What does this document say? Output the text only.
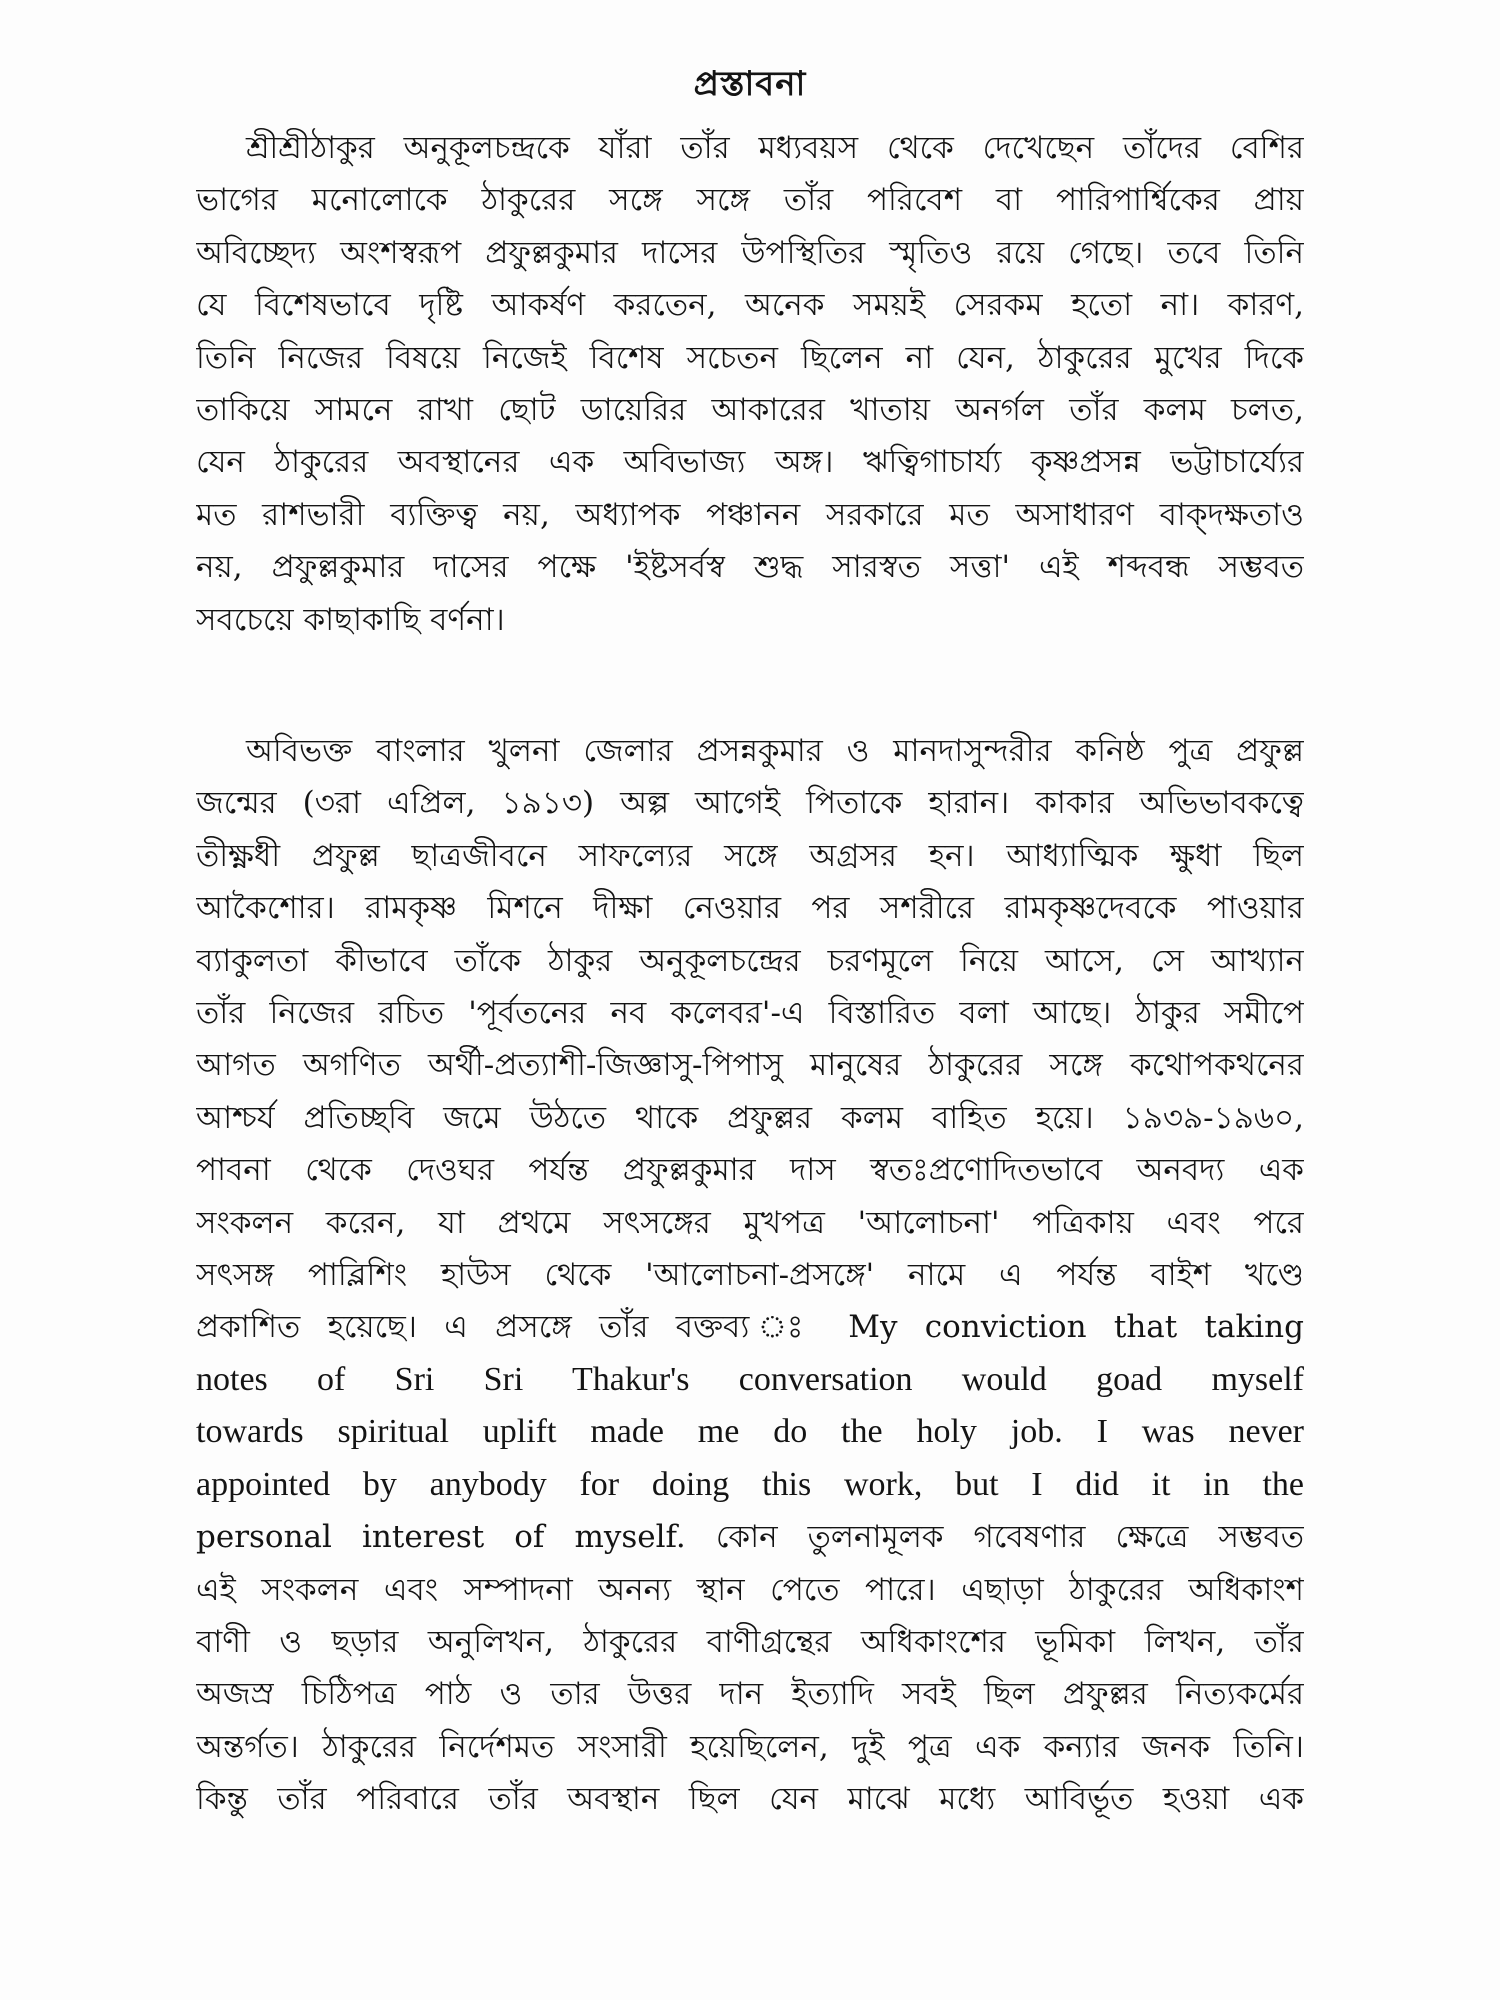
প্রস্তাবনা
শ্রীশ্রীঠাকুর অনুকূলচন্দ্রকে যাঁরা তাঁর মধ্যবয়স থেকে দেখেছেন তাঁদের বেশির
ভাগের মনোলোকে ঠাকুরের সঙ্গে সঙ্গে তাঁর পরিবেশ বা পারিপার্শ্বিকের প্রায়
অবিচ্ছেদ্য অংশস্বরূপ প্রফুল্লকুমার দাসের উপস্থিতির স্মৃতিও রয়ে গেছে। তবে তিনি
যে বিশেষভাবে দৃষ্টি আকর্ষণ করতেন, অনেক সময়ই সেরকম হতো না। কারণ,
তিনি নিজের বিষয়ে নিজেই বিশেষ সচেতন ছিলেন না যেন, ঠাকুরের মুখের দিকে
তাকিয়ে সামনে রাখা ছোট ডায়েরির আকারের খাতায় অনর্গল তাঁর কলম চলত,
যেন ঠাকুরের অবস্থানের এক অবিভাজ্য অঙ্গ। ঋত্বিগাচার্য্য কৃষ্ণপ্রসন্ন ভট্টাচার্য্যের
মত রাশভারী ব্যক্তিত্ব নয়, অধ্যাপক পঞ্চানন সরকারে মত অসাধারণ বাক্দক্ষতাও
নয়, প্রফুল্লকুমার দাসের পক্ষে 'ইষ্টসর্বস্ব শুদ্ধ সারস্বত সত্তা' এই শব্দবন্ধ সম্ভবত
সবচেয়ে কাছাকাছি বর্ণনা।
অবিভক্ত বাংলার খুলনা জেলার প্রসন্নকুমার ও মানদাসুন্দরীর কনিষ্ঠ পুত্র প্রফুল্ল
জন্মের (৩রা এপ্রিল, ১৯১৩) অল্প আগেই পিতাকে হারান। কাকার অভিভাবকত্বে
তীক্ষ্ণধী প্রফুল্ল ছাত্রজীবনে সাফল্যের সঙ্গে অগ্রসর হন। আধ্যাত্মিক ক্ষুধা ছিল
আকৈশোর। রামকৃষ্ণ মিশনে দীক্ষা নেওয়ার পর সশরীরে রামকৃষ্ণদেবকে পাওয়ার
ব্যাকুলতা কীভাবে তাঁকে ঠাকুর অনুকূলচন্দ্রের চরণমূলে নিয়ে আসে, সে আখ্যান
তাঁর নিজের রচিত 'পূর্বতনের নব কলেবর'-এ বিস্তারিত বলা আছে। ঠাকুর সমীপে
আগত অগণিত অর্থী-প্রত্যাশী-জিজ্ঞাসু-পিপাসু মানুষের ঠাকুরের সঙ্গে কথোপকথনের
আশ্চর্য প্রতিচ্ছবি জমে উঠতে থাকে প্রফুল্লর কলম বাহিত হয়ে। ১৯৩৯-১৯৬০,
পাবনা থেকে দেওঘর পর্যন্ত প্রফুল্লকুমার দাস স্বতঃপ্রণোদিতভাবে অনবদ্য এক
সংকলন করেন, যা প্রথমে সৎসঙ্গের মুখপত্র 'আলোচনা' পত্রিকায় এবং পরে
সৎসঙ্গ পাব্লিশিং হাউস থেকে 'আলোচনা-প্রসঙ্গে' নামে এ পর্যন্ত বাইশ খণ্ডে
প্রকাশিত হয়েছে। এ প্রসঙ্গে তাঁর বক্তব্য ঃ My conviction that taking
notes of Sri Sri Thakur's conversation would goad myself
towards spiritual uplift made me do the holy job. I was never
appointed by anybody for doing this work, but I did it in the
personal interest of myself. কোন তুলনামূলক গবেষণার ক্ষেত্রে সম্ভবত
এই সংকলন এবং সম্পাদনা অনন্য স্থান পেতে পারে। এছাড়া ঠাকুরের অধিকাংশ
বাণী ও ছড়ার অনুলিখন, ঠাকুরের বাণীগ্রন্থের অধিকাংশের ভূমিকা লিখন, তাঁর
অজস্র চিঠিপত্র পাঠ ও তার উত্তর দান ইত্যাদি সবই ছিল প্রফুল্লর নিত্যকর্মের
অন্তর্গত। ঠাকুরের নির্দেশমত সংসারী হয়েছিলেন, দুই পুত্র এক কন্যার জনক তিনি।
কিন্তু তাঁর পরিবারে তাঁর অবস্থান ছিল যেন মাঝে মধ্যে আবির্ভূত হওয়া এক
